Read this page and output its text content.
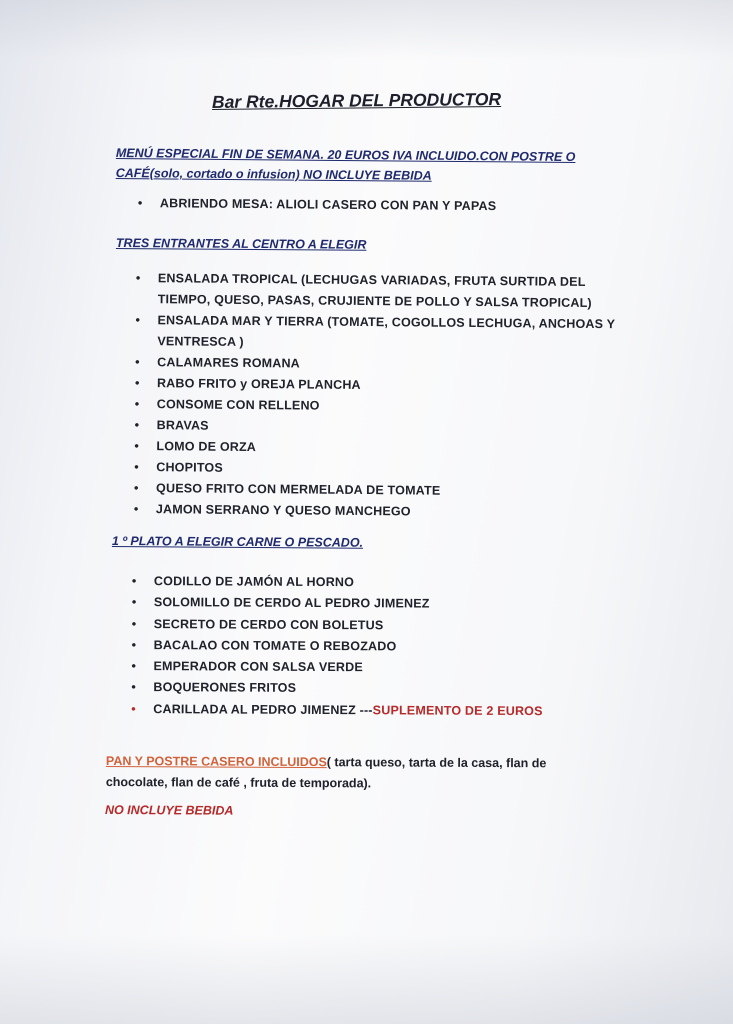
Bar Rte.HOGAR DEL PRODUCTOR
MENÚ ESPECIAL FIN DE SEMANA. 20 EUROS IVA INCLUIDO.CON POSTRE O
CAFÉ(solo, cortado o infusion) NO INCLUYE BEBIDA
• ABRIENDO MESA: ALIOLI CASERO CON PAN Y PAPAS
TRES ENTRANTES AL CENTRO A ELEGIR
• ENSALADA TROPICAL (LECHUGAS VARIADAS, FRUTA SURTIDA DEL
TIEMPO, QUESO, PASAS, CRUJIENTE DE POLLO Y SALSA TROPICAL)
• ENSALADA MAR Y TIERRA (TOMATE, COGOLLOS LECHUGA, ANCHOAS Y
VENTRESCA )
• CALAMARES ROMANA
• RABO FRITO y OREJA PLANCHA
• CONSOME CON RELLENO
• BRAVAS
• LOMO DE ORZA
• CHOPITOS
• QUESO FRITO CON MERMELADA DE TOMATE
• JAMON SERRANO Y QUESO MANCHEGO
1 º PLATO A ELEGIR CARNE O PESCADO.
• CODILLO DE JAMÓN AL HORNO
• SOLOMILLO DE CERDO AL PEDRO JIMENEZ
• SECRETO DE CERDO CON BOLETUS
• BACALAO CON TOMATE O REBOZADO
• EMPERADOR CON SALSA VERDE
• BOQUERONES FRITOS
• CARILLADA AL PEDRO JIMENEZ ---SUPLEMENTO DE 2 EUROS
PAN Y POSTRE CASERO INCLUIDOS( tarta queso, tarta de la casa, flan de
chocolate, flan de café , fruta de temporada).
NO INCLUYE BEBIDA
